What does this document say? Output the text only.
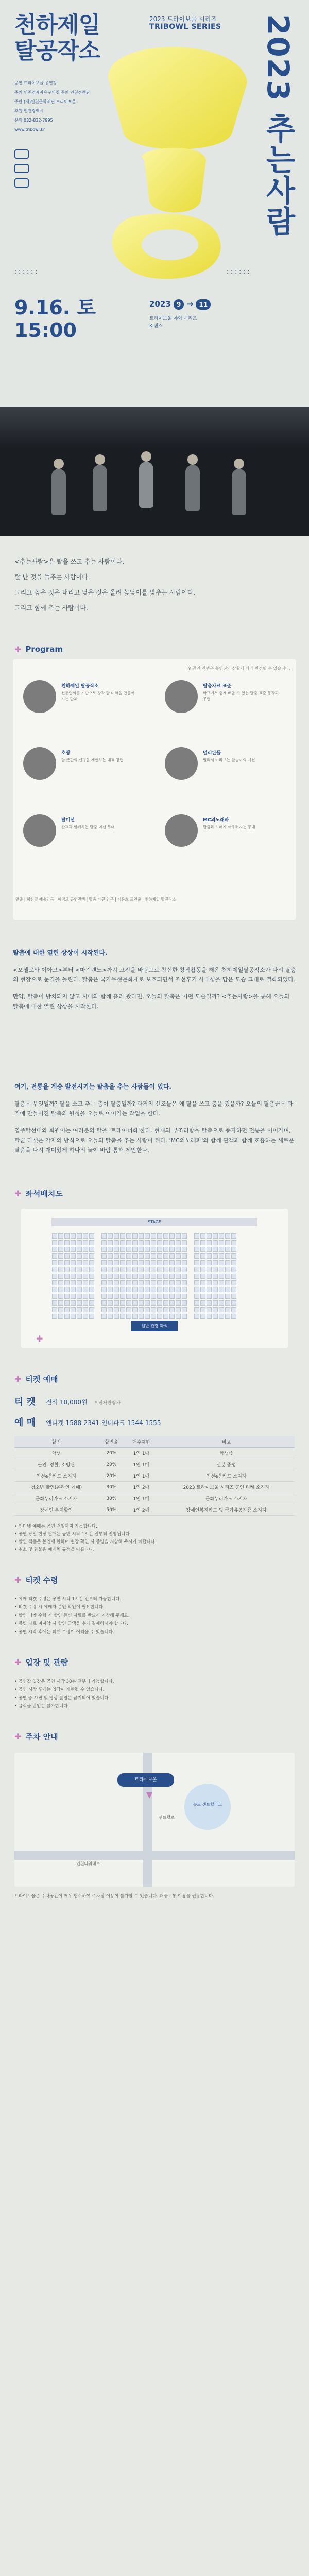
천하제일
탈공작소
2023 트라이보울 시리즈
TRIBOWL SERIES 2023 추는사람

공연 트라이보울 공연장

주최 인천경제자유구역청 주최 인천정책단

주관 (재)인천문화재단 트라이보울

후원 인천광역시

문의 032-832-7995

www.tribowl.kr

::::::	::::::
9.16. 토
15:00
2023 9 → 11
트라이보울 야외 시리즈
K-댄스

<추는사람>은 탈을 쓰고 추는 사람이다.

탈 난 것을 돌추는 사람이다.

그리고 높은 것은 내리고 낮은 것은 올려 높낮이를 맞추는 사람이다.

그리고 함께 추는 사람이다.

✚ Program
※ 공연 진행은 출연진의 상황에 따라 변경될 수 있습니다.
천하제일 탈공작소
전통연희를 기반으로 창작 탈 미학을 만들어 가는 단체
탈춤자료 표준
학교에서 쉽게 배울 수 있는 탈춤 표준 동작과 공연
호랑
탈 굿판의 신명을 재현하는 대표 장면
멀리판들
멀리서 바라보는 탈놀이의 시선
탈미션
관객과 함께하는 탈춤 미션 무대
MC의노래파
탈춤과 노래가 어우러지는 무대
연출 | 허창열 예술감독 | 이정로 공연진행 | 탈춤 다큐 안무 | 이용호 조연출 | 천하제일 탈공작소
탈춤에 대한 열린 상상이 시작된다.

<오셀로와 이아고>부터 <마기렌노>까지 고전을 바탕으로 참신한 창작활동을 해온 천하제일탈공작소가 다시 탈춤의 현장으로 눈길을 돌린다. 탈춤은 국가무형문화재로 보호되면서 조선후기 사대성을 담은 모습 그대로 열화되었다.

만약, 탈춤이 방치되지 않고 시대와 함께 흘러 왔다면, 오늘의 탈춤은 어떤 모습일까? <추는사람>을 통해 오늘의 탈춤에 대한 열린 상상을 시작한다.

여기, 전통을 계승 발전시키는 탈춤을 추는 사람들이 있다.

탈춤은 무엇일까? 탈을 쓰고 추는 춤이 탈춤일까? 과거의 선조들은 왜 탈을 쓰고 춤을 췄을까? 오늘의 탈춤꾼은 과거에 만들어진 탈춤의 원형을 오늘로 이어가는 작업을 한다.

영주탈선대와 희원이는 여러분의 탈을 '트레이너화'한다. 현재의 부조리함을 탈춤으로 풍자하던 전통을 이어가며, 탈꾼 다섯은 각자의 방식으로 오늘의 탈춤을 추는 사람이 된다. 'MC의노래파'와 함께 관객과 함께 호흡하는 새로운 탈춤을 다시 재미있게 하나의 놀이 바람 통해 제안한다.

✚ 좌석배치도
STAGE
일반 관람 좌석
✚
✚ 티켓 예매
티 켓 전석 10,000원 * 전체관람가
예 매 엔티켓 1588-2341 인터파크 1544-1555
할인	할인율	매수제한	비고
학생	20%	1인 1매	학생증
군인, 경찰, 소방관	20%	1인 1매	신분 증명
인천e음카드 소지자	20%	1인 1매	인천e음카드 소지자
청소년 할인(온라인 예매)	30%	1인 2매	2023 트라이보울 시리즈 공연 티켓 소지자
문화누리카드 소지자	30%	1인 1매	문화누리카드 소지자
장애인 복지할인	50%	1인 2매	장애인복지카드 및 국가유공자증 소지자

• 인터넷 예매는 공연 전일까지 가능합니다.

• 공연 당일 현장 판매는 공연 시작 1시간 전부터 진행됩니다.

• 할인 적용은 본인에 한하며 현장 확인 시 증빙을 지참해 주시기 바랍니다.

• 취소 및 환불은 예매처 규정을 따릅니다.

✚ 티켓 수령
• 예매 티켓 수령은 공연 시작 1시간 전부터 가능합니다.
• 티켓 수령 시 예매자 본인 확인이 필요합니다.
• 할인 티켓 수령 시 할인 증빙 자료를 반드시 지참해 주세요.
• 증빙 자료 미지참 시 할인 금액을 추가 결제하셔야 합니다.
• 공연 시작 후에는 티켓 수령이 어려울 수 있습니다.
✚ 입장 및 관람
• 공연장 입장은 공연 시작 30분 전부터 가능합니다.
• 공연 시작 후에는 입장이 제한될 수 있습니다.
• 공연 중 사진 및 영상 촬영은 금지되어 있습니다.
• 음식물 반입은 불가합니다.
✚ 주차 안내
인천타워대로
센트럴로
트라이보울
송도 센트럴파크
▼
트라이보울은 주차공간이 매우 협소하여 주차장 이용이 불가할 수 있습니다. 대중교통 이용을 권장합니다.
